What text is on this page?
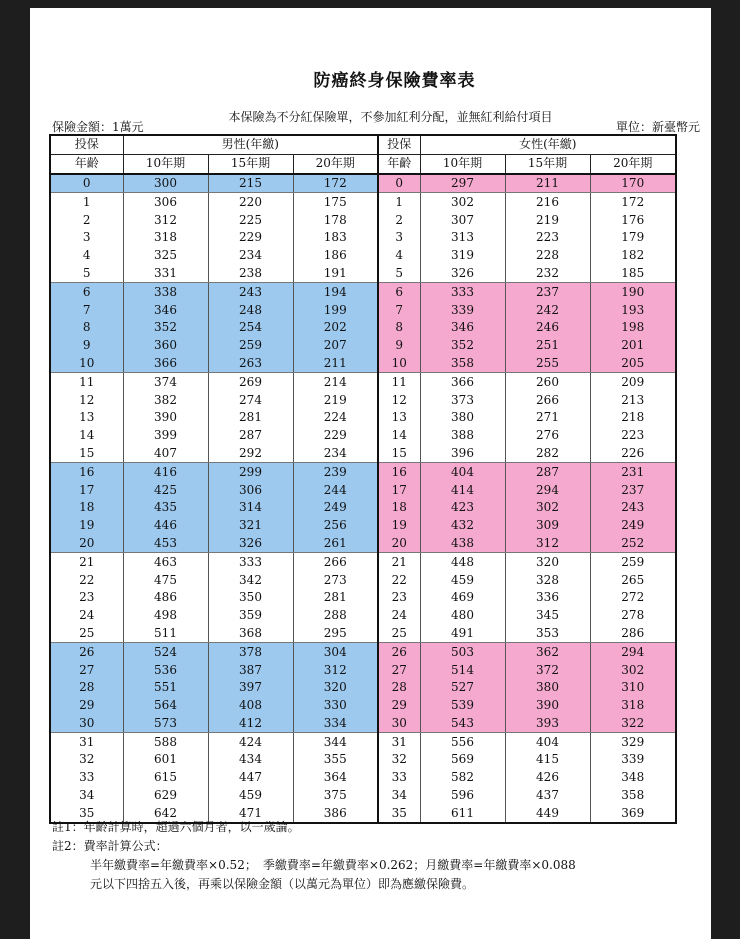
防癌終身保險費率表
本保險為不分紅保險單，不參加紅利分配，並無紅利給付項目
保險金額：1萬元	單位：新臺幣元
投保	男性(年繳)			投保	女性(年繳)		
年齡	10年期	15年期	20年期	年齡	10年期	15年期	20年期
0	300	215	172	0	297	211	170
1	306	220	175	1	302	216	172
2	312	225	178	2	307	219	176
3	318	229	183	3	313	223	179
4	325	234	186	4	319	228	182
5	331	238	191	5	326	232	185
6	338	243	194	6	333	237	190
7	346	248	199	7	339	242	193
8	352	254	202	8	346	246	198
9	360	259	207	9	352	251	201
10	366	263	211	10	358	255	205
11	374	269	214	11	366	260	209
12	382	274	219	12	373	266	213
13	390	281	224	13	380	271	218
14	399	287	229	14	388	276	223
15	407	292	234	15	396	282	226
16	416	299	239	16	404	287	231
17	425	306	244	17	414	294	237
18	435	314	249	18	423	302	243
19	446	321	256	19	432	309	249
20	453	326	261	20	438	312	252
21	463	333	266	21	448	320	259
22	475	342	273	22	459	328	265
23	486	350	281	23	469	336	272
24	498	359	288	24	480	345	278
25	511	368	295	25	491	353	286
26	524	378	304	26	503	362	294
27	536	387	312	27	514	372	302
28	551	397	320	28	527	380	310
29	564	408	330	29	539	390	318
30	573	412	334	30	543	393	322
31	588	424	344	31	556	404	329
32	601	434	355	32	569	415	339
33	615	447	364	33	582	426	348
34	629	459	375	34	596	437	358
35	642	471	386	35	611	449	369
註1：年齡計算時，超過六個月者，以一歲論。
註2：費率計算公式：
半年繳費率=年繳費率×0.52；　季繳費率=年繳費率×0.262；月繳費率=年繳費率×0.088
元以下四捨五入後，再乘以保險金額（以萬元為單位）即為應繳保險費。
